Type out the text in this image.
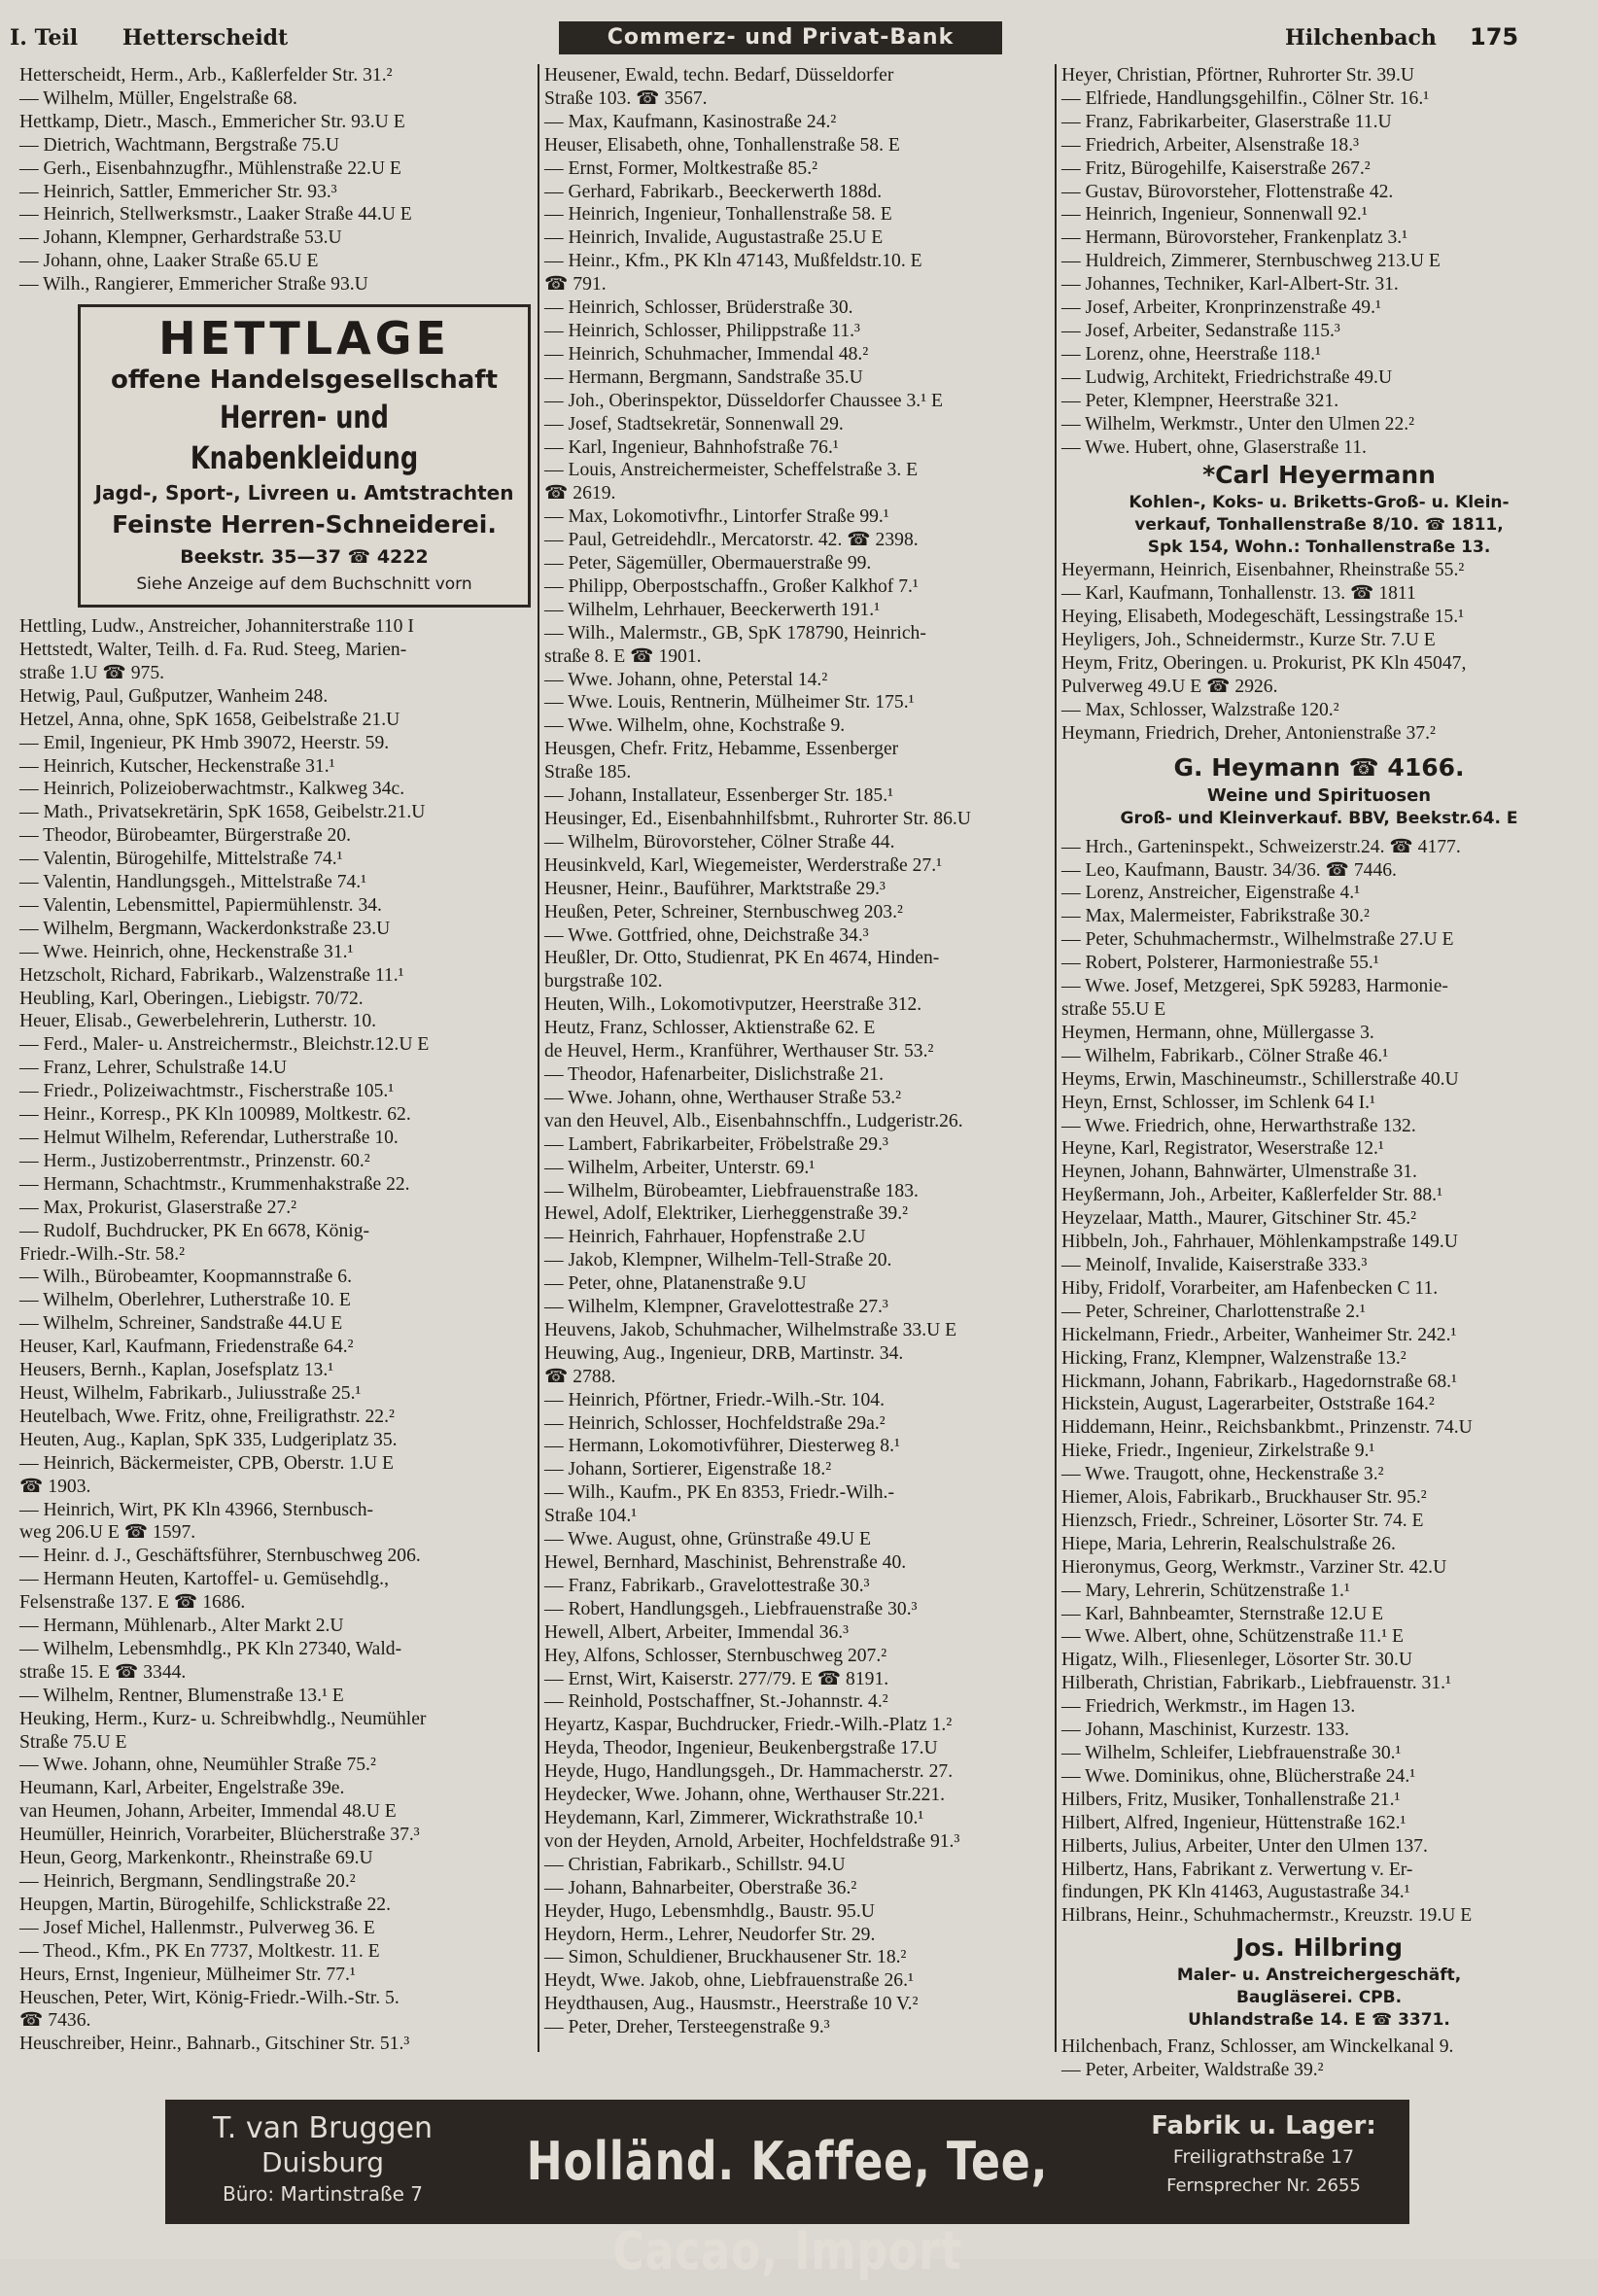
I. Teil Hetterscheidt	Commerz- und Privat-Bank	Hilchenbach 175
Hetterscheidt, Herm., Arb., Kaßlerfelder Str. 31.²
— Wilhelm, Müller, Engelstraße 68.
Hettkamp, Dietr., Masch., Emmericher Str. 93.U E
— Dietrich, Wachtmann, Bergstraße 75.U
— Gerh., Eisenbahnzugfhr., Mühlenstraße 22.U E
— Heinrich, Sattler, Emmericher Str. 93.³
— Heinrich, Stellwerksmstr., Laaker Straße 44.U E
— Johann, Klempner, Gerhardstraße 53.U
— Johann, ohne, Laaker Straße 65.U E
— Wilh., Rangierer, Emmericher Straße 93.U
HETTLAGE
offene Handelsgesellschaft
Herren- und Knabenkleidung
Jagd-, Sport-, Livreen u. Amtstrachten
Feinste Herren-Schneiderei.
Beekstr. 35—37 ☎ 4222
Siehe Anzeige auf dem Buchschnitt vorn
Hettling, Ludw., Anstreicher, Johanniterstraße 110 I
Hettstedt, Walter, Teilh. d. Fa. Rud. Steeg, Marien-
straße 1.U ☎ 975.
Hetwig, Paul, Gußputzer, Wanheim 248.
Hetzel, Anna, ohne, SpK 1658, Geibelstraße 21.U
— Emil, Ingenieur, PK Hmb 39072, Heerstr. 59.
— Heinrich, Kutscher, Heckenstraße 31.¹
— Heinrich, Polizeioberwachtmstr., Kalkweg 34c.
— Math., Privatsekretärin, SpK 1658, Geibelstr.21.U
— Theodor, Bürobeamter, Bürgerstraße 20.
— Valentin, Bürogehilfe, Mittelstraße 74.¹
— Valentin, Handlungsgeh., Mittelstraße 74.¹
— Valentin, Lebensmittel, Papiermühlenstr. 34.
— Wilhelm, Bergmann, Wackerdonkstraße 23.U
— Wwe. Heinrich, ohne, Heckenstraße 31.¹
Hetzscholt, Richard, Fabrikarb., Walzenstraße 11.¹
Heubling, Karl, Oberingen., Liebigstr. 70/72.
Heuer, Elisab., Gewerbelehrerin, Lutherstr. 10.
— Ferd., Maler- u. Anstreichermstr., Bleichstr.12.U E
— Franz, Lehrer, Schulstraße 14.U
— Friedr., Polizeiwachtmstr., Fischerstraße 105.¹
— Heinr., Korresp., PK Kln 100989, Moltkestr. 62.
— Helmut Wilhelm, Referendar, Lutherstraße 10.
— Herm., Justizoberrentmstr., Prinzenstr. 60.²
— Hermann, Schachtmstr., Krummenhakstraße 22.
— Max, Prokurist, Glaserstraße 27.²
— Rudolf, Buchdrucker, PK En 6678, König-
Friedr.-Wilh.-Str. 58.²
— Wilh., Bürobeamter, Koopmannstraße 6.
— Wilhelm, Oberlehrer, Lutherstraße 10. E
— Wilhelm, Schreiner, Sandstraße 44.U E
Heuser, Karl, Kaufmann, Friedenstraße 64.²
Heusers, Bernh., Kaplan, Josefsplatz 13.¹
Heust, Wilhelm, Fabrikarb., Juliusstraße 25.¹
Heutelbach, Wwe. Fritz, ohne, Freiligrathstr. 22.²
Heuten, Aug., Kaplan, SpK 335, Ludgeriplatz 35.
— Heinrich, Bäckermeister, CPB, Oberstr. 1.U E
☎ 1903.
— Heinrich, Wirt, PK Kln 43966, Sternbusch-
weg 206.U E ☎ 1597.
— Heinr. d. J., Geschäftsführer, Sternbuschweg 206.
— Hermann Heuten, Kartoffel- u. Gemüsehdlg.,
Felsenstraße 137. E ☎ 1686.
— Hermann, Mühlenarb., Alter Markt 2.U
— Wilhelm, Lebensmhdlg., PK Kln 27340, Wald-
straße 15. E ☎ 3344.
— Wilhelm, Rentner, Blumenstraße 13.¹ E
Heuking, Herm., Kurz- u. Schreibwhdlg., Neumühler
Straße 75.U E
— Wwe. Johann, ohne, Neumühler Straße 75.²
Heumann, Karl, Arbeiter, Engelstraße 39e.
van Heumen, Johann, Arbeiter, Immendal 48.U E
Heumüller, Heinrich, Vorarbeiter, Blücherstraße 37.³
Heun, Georg, Markenkontr., Rheinstraße 69.U
— Heinrich, Bergmann, Sendlingstraße 20.²
Heupgen, Martin, Bürogehilfe, Schlickstraße 22.
— Josef Michel, Hallenmstr., Pulverweg 36. E
— Theod., Kfm., PK En 7737, Moltkestr. 11. E
Heurs, Ernst, Ingenieur, Mülheimer Str. 77.¹
Heuschen, Peter, Wirt, König-Friedr.-Wilh.-Str. 5.
☎ 7436.
Heuschreiber, Heinr., Bahnarb., Gitschiner Str. 51.³
Heusener, Ewald, techn. Bedarf, Düsseldorfer
Straße 103. ☎ 3567.
— Max, Kaufmann, Kasinostraße 24.²
Heuser, Elisabeth, ohne, Tonhallenstraße 58. E
— Ernst, Former, Moltkestraße 85.²
— Gerhard, Fabrikarb., Beeckerwerth 188d.
— Heinrich, Ingenieur, Tonhallenstraße 58. E
— Heinrich, Invalide, Augustastraße 25.U E
— Heinr., Kfm., PK Kln 47143, Mußfeldstr.10. E
☎ 791.
— Heinrich, Schlosser, Brüderstraße 30.
— Heinrich, Schlosser, Philippstraße 11.³
— Heinrich, Schuhmacher, Immendal 48.²
— Hermann, Bergmann, Sandstraße 35.U
— Joh., Oberinspektor, Düsseldorfer Chaussee 3.¹ E
— Josef, Stadtsekretär, Sonnenwall 29.
— Karl, Ingenieur, Bahnhofstraße 76.¹
— Louis, Anstreichermeister, Scheffelstraße 3. E
☎ 2619.
— Max, Lokomotivfhr., Lintorfer Straße 99.¹
— Paul, Getreidehdlr., Mercatorstr. 42. ☎ 2398.
— Peter, Sägemüller, Obermauerstraße 99.
— Philipp, Oberpostschaffn., Großer Kalkhof 7.¹
— Wilhelm, Lehrhauer, Beeckerwerth 191.¹
— Wilh., Malermstr., GB, SpK 178790, Heinrich-
straße 8. E ☎ 1901.
— Wwe. Johann, ohne, Peterstal 14.²
— Wwe. Louis, Rentnerin, Mülheimer Str. 175.¹
— Wwe. Wilhelm, ohne, Kochstraße 9.
Heusgen, Chefr. Fritz, Hebamme, Essenberger
Straße 185.
— Johann, Installateur, Essenberger Str. 185.¹
Heusinger, Ed., Eisenbahnhilfsbmt., Ruhrorter Str. 86.U
— Wilhelm, Bürovorsteher, Cölner Straße 44.
Heusinkveld, Karl, Wiegemeister, Werderstraße 27.¹
Heusner, Heinr., Bauführer, Marktstraße 29.³
Heußen, Peter, Schreiner, Sternbuschweg 203.²
— Wwe. Gottfried, ohne, Deichstraße 34.³
Heußler, Dr. Otto, Studienrat, PK En 4674, Hinden-
burgstraße 102.
Heuten, Wilh., Lokomotivputzer, Heerstraße 312.
Heutz, Franz, Schlosser, Aktienstraße 62. E
de Heuvel, Herm., Kranführer, Werthauser Str. 53.²
— Theodor, Hafenarbeiter, Dislichstraße 21.
— Wwe. Johann, ohne, Werthauser Straße 53.²
van den Heuvel, Alb., Eisenbahnschffn., Ludgeristr.26.
— Lambert, Fabrikarbeiter, Fröbelstraße 29.³
— Wilhelm, Arbeiter, Unterstr. 69.¹
— Wilhelm, Bürobeamter, Liebfrauenstraße 183.
Hewel, Adolf, Elektriker, Lierheggenstraße 39.²
— Heinrich, Fahrhauer, Hopfenstraße 2.U
— Jakob, Klempner, Wilhelm-Tell-Straße 20.
— Peter, ohne, Platanenstraße 9.U
— Wilhelm, Klempner, Gravelottestraße 27.³
Heuvens, Jakob, Schuhmacher, Wilhelmstraße 33.U E
Heuwing, Aug., Ingenieur, DRB, Martinstr. 34.
☎ 2788.
— Heinrich, Pförtner, Friedr.-Wilh.-Str. 104.
— Heinrich, Schlosser, Hochfeldstraße 29a.²
— Hermann, Lokomotivführer, Diesterweg 8.¹
— Johann, Sortierer, Eigenstraße 18.²
— Wilh., Kaufm., PK En 8353, Friedr.-Wilh.-
Straße 104.¹
— Wwe. August, ohne, Grünstraße 49.U E
Hewel, Bernhard, Maschinist, Behrenstraße 40.
— Franz, Fabrikarb., Gravelottestraße 30.³
— Robert, Handlungsgeh., Liebfrauenstraße 30.³
Hewell, Albert, Arbeiter, Immendal 36.³
Hey, Alfons, Schlosser, Sternbuschweg 207.²
— Ernst, Wirt, Kaiserstr. 277/79. E ☎ 8191.
— Reinhold, Postschaffner, St.-Johannstr. 4.²
Heyartz, Kaspar, Buchdrucker, Friedr.-Wilh.-Platz 1.²
Heyda, Theodor, Ingenieur, Beukenbergstraße 17.U
Heyde, Hugo, Handlungsgeh., Dr. Hammacherstr. 27.
Heydecker, Wwe. Johann, ohne, Werthauser Str.221.
Heydemann, Karl, Zimmerer, Wickrathstraße 10.¹
von der Heyden, Arnold, Arbeiter, Hochfeldstraße 91.³
— Christian, Fabrikarb., Schillstr. 94.U
— Johann, Bahnarbeiter, Oberstraße 36.²
Heyder, Hugo, Lebensmhdlg., Baustr. 95.U
Heydorn, Herm., Lehrer, Neudorfer Str. 29.
— Simon, Schuldiener, Bruckhausener Str. 18.²
Heydt, Wwe. Jakob, ohne, Liebfrauenstraße 26.¹
Heydthausen, Aug., Hausmstr., Heerstraße 10 V.²
— Peter, Dreher, Tersteegenstraße 9.³
Heyer, Christian, Pförtner, Ruhrorter Str. 39.U
— Elfriede, Handlungsgehilfin., Cölner Str. 16.¹
— Franz, Fabrikarbeiter, Glaserstraße 11.U
— Friedrich, Arbeiter, Alsenstraße 18.³
— Fritz, Bürogehilfe, Kaiserstraße 267.²
— Gustav, Bürovorsteher, Flottenstraße 42.
— Heinrich, Ingenieur, Sonnenwall 92.¹
— Hermann, Bürovorsteher, Frankenplatz 3.¹
— Huldreich, Zimmerer, Sternbuschweg 213.U E
— Johannes, Techniker, Karl-Albert-Str. 31.
— Josef, Arbeiter, Kronprinzenstraße 49.¹
— Josef, Arbeiter, Sedanstraße 115.³
— Lorenz, ohne, Heerstraße 118.¹
— Ludwig, Architekt, Friedrichstraße 49.U
— Peter, Klempner, Heerstraße 321.
— Wilhelm, Werkmstr., Unter den Ulmen 22.²
— Wwe. Hubert, ohne, Glaserstraße 11.
*Carl Heyermann
Kohlen-, Koks- u. Briketts-Groß- u. Klein-
verkauf, Tonhallenstraße 8/10. ☎ 1811,
Spk 154, Wohn.: Tonhallenstraße 13.
Heyermann, Heinrich, Eisenbahner, Rheinstraße 55.²
— Karl, Kaufmann, Tonhallenstr. 13. ☎ 1811
Heying, Elisabeth, Modegeschäft, Lessingstraße 15.¹
Heyligers, Joh., Schneidermstr., Kurze Str. 7.U E
Heym, Fritz, Oberingen. u. Prokurist, PK Kln 45047,
Pulverweg 49.U E ☎ 2926.
— Max, Schlosser, Walzstraße 120.²
Heymann, Friedrich, Dreher, Antonienstraße 37.²
G. Heymann ☎ 4166.
Weine und Spirituosen
Groß- und Kleinverkauf. BBV, Beekstr.64. E
— Hrch., Garteninspekt., Schweizerstr.24. ☎ 4177.
— Leo, Kaufmann, Baustr. 34/36. ☎ 7446.
— Lorenz, Anstreicher, Eigenstraße 4.¹
— Max, Malermeister, Fabrikstraße 30.²
— Peter, Schuhmachermstr., Wilhelmstraße 27.U E
— Robert, Polsterer, Harmoniestraße 55.¹
— Wwe. Josef, Metzgerei, SpK 59283, Harmonie-
straße 55.U E
Heymen, Hermann, ohne, Müllergasse 3.
— Wilhelm, Fabrikarb., Cölner Straße 46.¹
Heyms, Erwin, Maschineumstr., Schillerstraße 40.U
Heyn, Ernst, Schlosser, im Schlenk 64 I.¹
— Wwe. Friedrich, ohne, Herwarthstraße 132.
Heyne, Karl, Registrator, Weserstraße 12.¹
Heynen, Johann, Bahnwärter, Ulmenstraße 31.
Heyßermann, Joh., Arbeiter, Kaßlerfelder Str. 88.¹
Heyzelaar, Matth., Maurer, Gitschiner Str. 45.²
Hibbeln, Joh., Fahrhauer, Möhlenkampstraße 149.U
— Meinolf, Invalide, Kaiserstraße 333.³
Hiby, Fridolf, Vorarbeiter, am Hafenbecken C 11.
— Peter, Schreiner, Charlottenstraße 2.¹
Hickelmann, Friedr., Arbeiter, Wanheimer Str. 242.¹
Hicking, Franz, Klempner, Walzenstraße 13.²
Hickmann, Johann, Fabrikarb., Hagedornstraße 68.¹
Hickstein, August, Lagerarbeiter, Oststraße 164.²
Hiddemann, Heinr., Reichsbankbmt., Prinzenstr. 74.U
Hieke, Friedr., Ingenieur, Zirkelstraße 9.¹
— Wwe. Traugott, ohne, Heckenstraße 3.²
Hiemer, Alois, Fabrikarb., Bruckhauser Str. 95.²
Hienzsch, Friedr., Schreiner, Lösorter Str. 74. E
Hiepe, Maria, Lehrerin, Realschulstraße 26.
Hieronymus, Georg, Werkmstr., Varziner Str. 42.U
— Mary, Lehrerin, Schützenstraße 1.¹
— Karl, Bahnbeamter, Sternstraße 12.U E
— Wwe. Albert, ohne, Schützenstraße 11.¹ E
Higatz, Wilh., Fliesenleger, Lösorter Str. 30.U
Hilberath, Christian, Fabrikarb., Liebfrauenstr. 31.¹
— Friedrich, Werkmstr., im Hagen 13.
— Johann, Maschinist, Kurzestr. 133.
— Wilhelm, Schleifer, Liebfrauenstraße 30.¹
— Wwe. Dominikus, ohne, Blücherstraße 24.¹
Hilbers, Fritz, Musiker, Tonhallenstraße 21.¹
Hilbert, Alfred, Ingenieur, Hüttenstraße 162.¹
Hilberts, Julius, Arbeiter, Unter den Ulmen 137.
Hilbertz, Hans, Fabrikant z. Verwertung v. Er-
findungen, PK Kln 41463, Augustastraße 34.¹
Hilbrans, Heinr., Schuhmachermstr., Kreuzstr. 19.U E
Jos. Hilbring
Maler- u. Anstreichergeschäft,
Baugläserei. CPB.
Uhlandstraße 14. E ☎ 3371.
Hilchenbach, Franz, Schlosser, am Winckelkanal 9.
— Peter, Arbeiter, Waldstraße 39.²
T. van Bruggen
Duisburg
Büro: Martinstraße 7
Holländ. Kaffee, Tee, Cacao, Import
Fabrik u. Lager:
Freiligrathstraße 17
Fernsprecher Nr. 2655
